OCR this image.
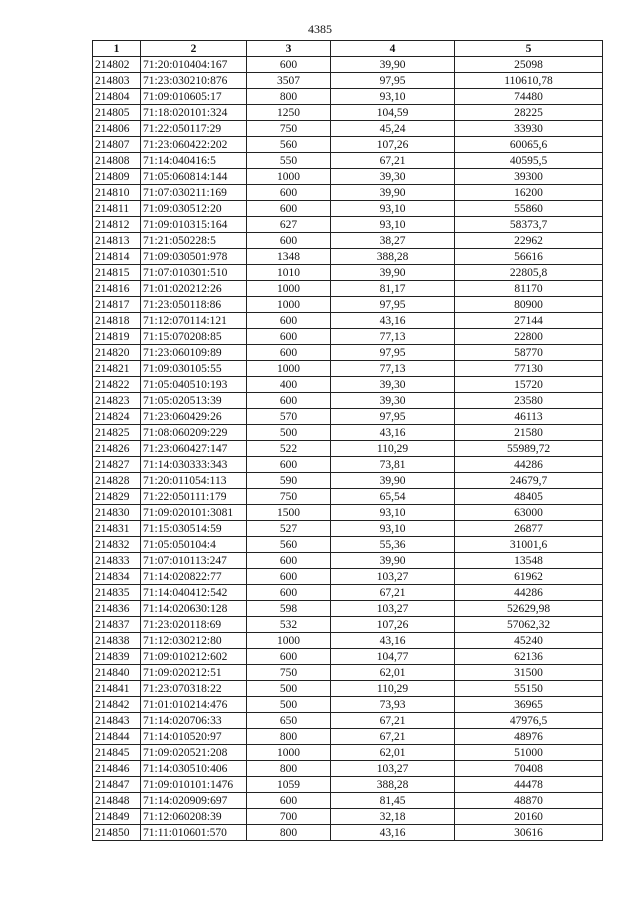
4385
1	2	3	4	5
214802	71:20:010404:167	600	39,90	25098
214803	71:23:030210:876	3507	97,95	110610,78
214804	71:09:010605:17	800	93,10	74480
214805	71:18:020101:324	1250	104,59	28225
214806	71:22:050117:29	750	45,24	33930
214807	71:23:060422:202	560	107,26	60065,6
214808	71:14:040416:5	550	67,21	40595,5
214809	71:05:060814:144	1000	39,30	39300
214810	71:07:030211:169	600	39,90	16200
214811	71:09:030512:20	600	93,10	55860
214812	71:09:010315:164	627	93,10	58373,7
214813	71:21:050228:5	600	38,27	22962
214814	71:09:030501:978	1348	388,28	56616
214815	71:07:010301:510	1010	39,90	22805,8
214816	71:01:020212:26	1000	81,17	81170
214817	71:23:050118:86	1000	97,95	80900
214818	71:12:070114:121	600	43,16	27144
214819	71:15:070208:85	600	77,13	22800
214820	71:23:060109:89	600	97,95	58770
214821	71:09:030105:55	1000	77,13	77130
214822	71:05:040510:193	400	39,30	15720
214823	71:05:020513:39	600	39,30	23580
214824	71:23:060429:26	570	97,95	46113
214825	71:08:060209:229	500	43,16	21580
214826	71:23:060427:147	522	110,29	55989,72
214827	71:14:030333:343	600	73,81	44286
214828	71:20:011054:113	590	39,90	24679,7
214829	71:22:050111:179	750	65,54	48405
214830	71:09:020101:3081	1500	93,10	63000
214831	71:15:030514:59	527	93,10	26877
214832	71:05:050104:4	560	55,36	31001,6
214833	71:07:010113:247	600	39,90	13548
214834	71:14:020822:77	600	103,27	61962
214835	71:14:040412:542	600	67,21	44286
214836	71:14:020630:128	598	103,27	52629,98
214837	71:23:020118:69	532	107,26	57062,32
214838	71:12:030212:80	1000	43,16	45240
214839	71:09:010212:602	600	104,77	62136
214840	71:09:020212:51	750	62,01	31500
214841	71:23:070318:22	500	110,29	55150
214842	71:01:010214:476	500	73,93	36965
214843	71:14:020706:33	650	67,21	47976,5
214844	71:14:010520:97	800	67,21	48976
214845	71:09:020521:208	1000	62,01	51000
214846	71:14:030510:406	800	103,27	70408
214847	71:09:010101:1476	1059	388,28	44478
214848	71:14:020909:697	600	81,45	48870
214849	71:12:060208:39	700	32,18	20160
214850	71:11:010601:570	800	43,16	30616
